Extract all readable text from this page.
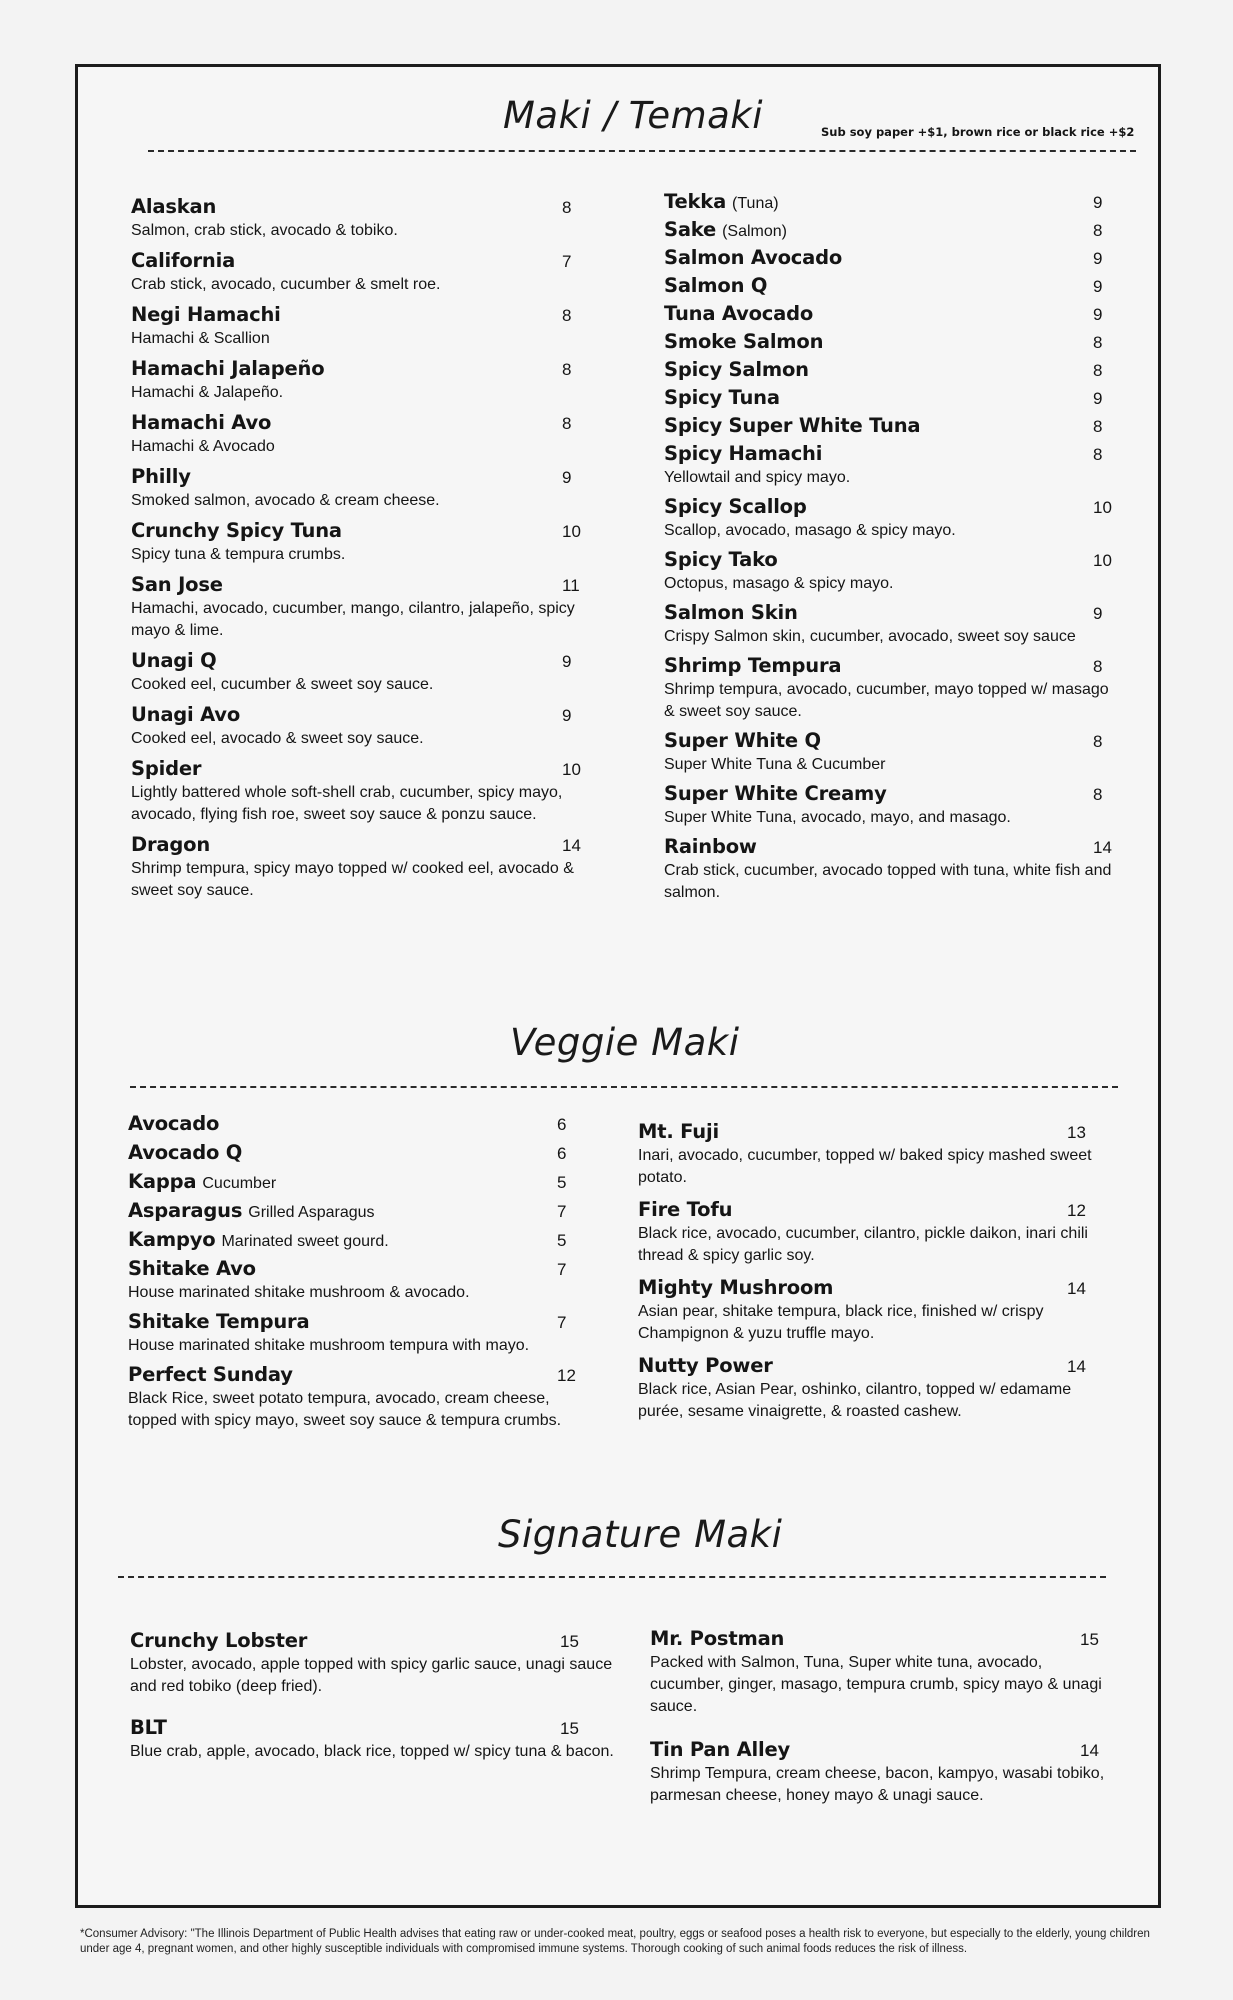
Maki / Temaki	Sub soy paper +$1, brown rice or black rice +$2
Alaskan	8
Salmon, crab stick, avocado & tobiko.
California	7
Crab stick, avocado, cucumber & smelt roe.
Negi Hamachi	8
Hamachi & Scallion
Hamachi Jalapeño	8
Hamachi & Jalapeño.
Hamachi Avo	8
Hamachi & Avocado
Philly	9
Smoked salmon, avocado & cream cheese.
Crunchy Spicy Tuna	10
Spicy tuna & tempura crumbs.
San Jose	11
Hamachi, avocado, cucumber, mango, cilantro, jalapeño, spicy mayo & lime.
Unagi Q	9
Cooked eel, cucumber & sweet soy sauce.
Unagi Avo	9
Cooked eel, avocado & sweet soy sauce.
Spider	10
Lightly battered whole soft-shell crab, cucumber, spicy mayo, avocado, flying fish roe, sweet soy sauce & ponzu sauce.
Dragon	14
Shrimp tempura, spicy mayo topped w/ cooked eel, avocado & sweet soy sauce.
Tekka (Tuna)	9
Sake (Salmon)	8
Salmon Avocado	9
Salmon Q	9
Tuna Avocado	9
Smoke Salmon	8
Spicy Salmon	8
Spicy Tuna	9
Spicy Super White Tuna	8
Spicy Hamachi	8
Yellowtail and spicy mayo.
Spicy Scallop	10
Scallop, avocado, masago & spicy mayo.
Spicy Tako	10
Octopus, masago & spicy mayo.
Salmon Skin	9
Crispy Salmon skin, cucumber, avocado, sweet soy sauce
Shrimp Tempura	8
Shrimp tempura, avocado, cucumber, mayo topped w/ masago & sweet soy sauce.
Super White Q	8
Super White Tuna & Cucumber
Super White Creamy	8
Super White Tuna, avocado, mayo, and masago.
Rainbow	14
Crab stick, cucumber, avocado topped with tuna, white fish and salmon.
Veggie Maki
Avocado	6
Avocado Q	6
Kappa Cucumber	5
Asparagus Grilled Asparagus	7
Kampyo Marinated sweet gourd.	5
Shitake Avo	7
House marinated shitake mushroom & avocado.
Shitake Tempura	7
House marinated shitake mushroom tempura with mayo.
Perfect Sunday	12
Black Rice, sweet potato tempura, avocado, cream cheese, topped with spicy mayo, sweet soy sauce & tempura crumbs.
Mt. Fuji	13
Inari, avocado, cucumber, topped w/ baked spicy mashed sweet potato.
Fire Tofu	12
Black rice, avocado, cucumber, cilantro, pickle daikon, inari chili thread & spicy garlic soy.
Mighty Mushroom	14
Asian pear, shitake tempura, black rice, finished w/ crispy Champignon & yuzu truffle mayo.
Nutty Power	14
Black rice, Asian Pear, oshinko, cilantro, topped w/ edamame purée, sesame vinaigrette, & roasted cashew.
Signature Maki
Crunchy Lobster	15
Lobster, avocado, apple topped with spicy garlic sauce, unagi sauce and red tobiko (deep fried).
BLT	15
Blue crab, apple, avocado, black rice, topped w/ spicy tuna & bacon.
Mr. Postman	15
Packed with Salmon, Tuna, Super white tuna, avocado, cucumber, ginger, masago, tempura crumb, spicy mayo & unagi sauce.
Tin Pan Alley	14
Shrimp Tempura, cream cheese, bacon, kampyo, wasabi tobiko, parmesan cheese, honey mayo & unagi sauce.
*Consumer Advisory: "The Illinois Department of Public Health advises that eating raw or under-cooked meat, poultry, eggs or seafood poses a health risk to everyone, but especially to the elderly, young children under age 4, pregnant women, and other highly susceptible individuals with compromised immune systems. Thorough cooking of such animal foods reduces the risk of illness.
